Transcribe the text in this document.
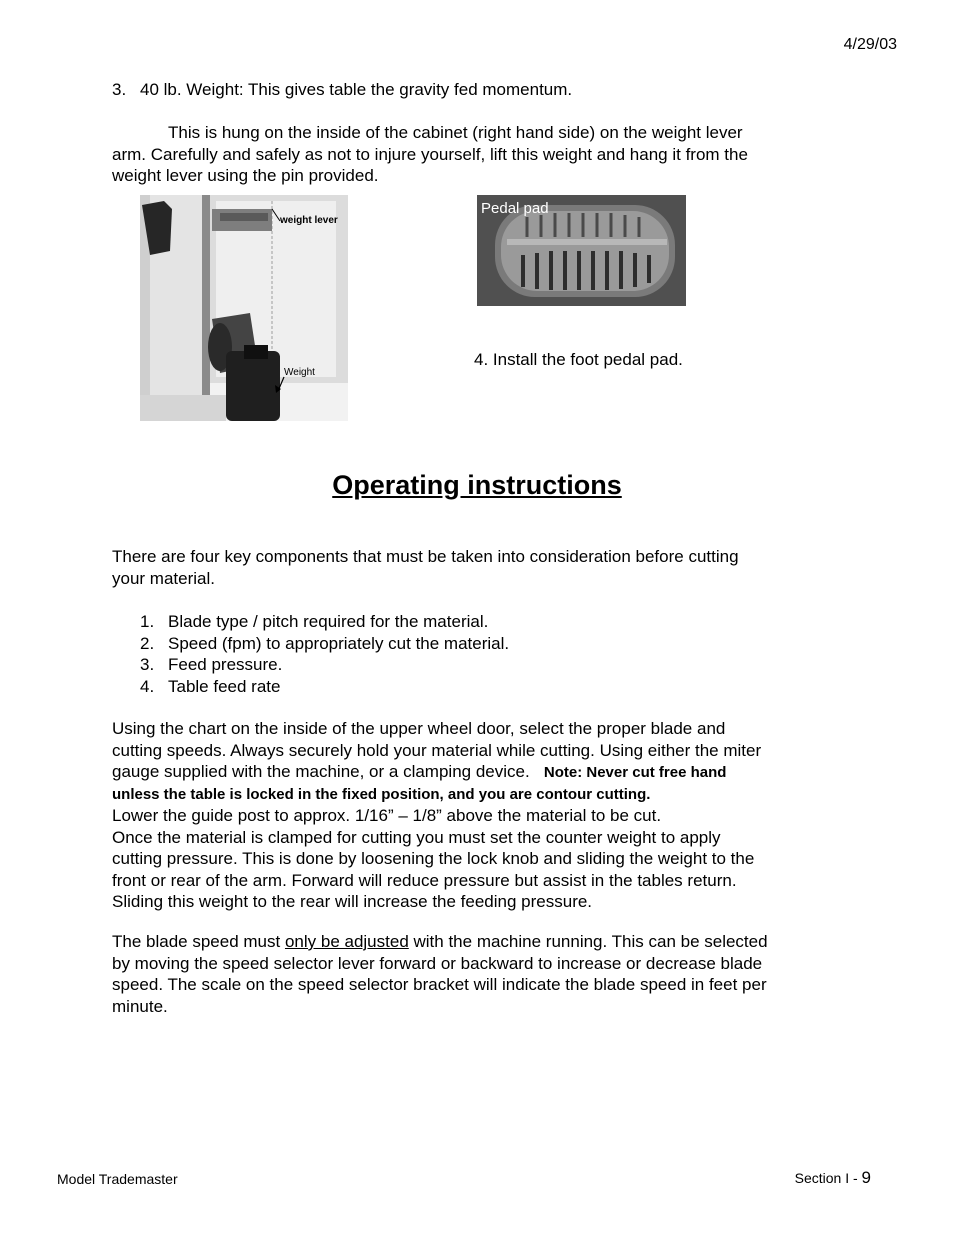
4/29/03
3. 40 lb. Weight: This gives table the gravity fed momentum.
This is hung on the inside of the cabinet (right hand side) on the weight lever
arm. Carefully and safely as not to injure yourself, lift this weight and hang it from the
weight lever using the pin provided.
weight lever
Weight
Pedal pad
4. Install the foot pedal pad.
Operating instructions
There are four key components that must be taken into consideration before cutting
your material.
1. Blade type / pitch required for the material.
2. Speed (fpm) to appropriately cut the material.
3. Feed pressure.
4. Table feed rate
Using the chart on the inside of the upper wheel door, select the proper blade and
cutting speeds. Always securely hold your material while cutting. Using either the miter
gauge supplied with the machine, or a clamping device. Note: Never cut free hand
unless the table is locked in the fixed position, and you are contour cutting.
Lower the guide post to approx. 1/16” – 1/8” above the material to be cut.
Once the material is clamped for cutting you must set the counter weight to apply
cutting pressure. This is done by loosening the lock knob and sliding the weight to the
front or rear of the arm. Forward will reduce pressure but assist in the tables return.
Sliding this weight to the rear will increase the feeding pressure.
The blade speed must only be adjusted with the machine running. This can be selected
by moving the speed selector lever forward or backward to increase or decrease blade
speed. The scale on the speed selector bracket will indicate the blade speed in feet per
minute.
Model Trademaster	Section I - 9
